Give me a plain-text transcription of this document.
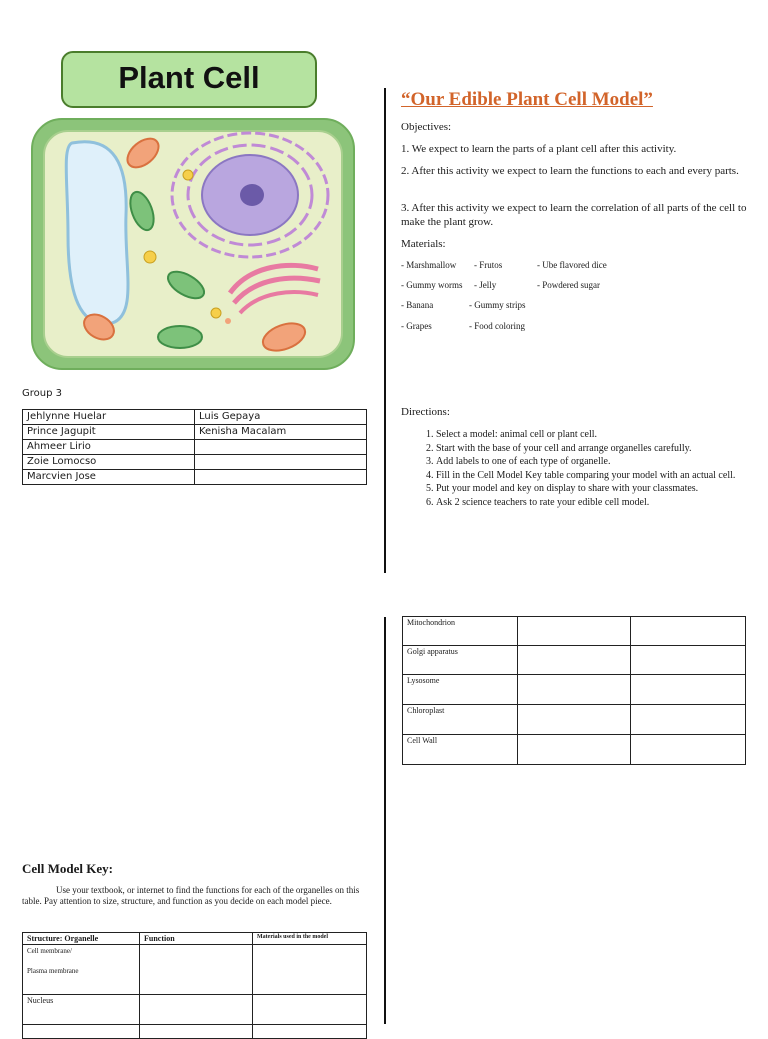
Plant Cell
Group 3
Jehlynne Huelar	Luis Gepaya
Prince Jagupit	Kenisha Macalam
Ahmeer Lirio	
Zoie Lomocso	
Marcvien Jose	
“Our Edible Plant Cell Model”
Objectives:
1. We expect to learn the parts of a plant cell after this activity.
2. After this activity we expect to learn the functions to each and every parts.
3. After this activity we expect to learn the correlation of all parts of the cell to make the plant grow.
Materials:
- Marshmallow - Frutos	- Ube flavored dice
- Gummy worms - Jelly	- Powdered sugar
- Banana	- Gummy strips
- Grapes	- Food coloring
Directions:
1. Select a model: animal cell or plant cell.
2. Start with the base of your cell and arrange organelles carefully.
3. Add labels to one of each type of organelle.
4. Fill in the Cell Model Key table comparing your model with an actual cell.
5. Put your model and key on display to share with your classmates.
6. Ask 2 science teachers to rate your edible cell model.
Mitochondrion		
Golgi apparatus		
Lysosome		
Chloroplast		
Cell Wall		
Cell Model Key:
Use your textbook, or internet to find the functions for each of the organelles on this table. Pay attention to size, structure, and function as you decide on each model piece.
Structure: Organelle	Function	Materials used in the model

Cell membrane/
Plasma membrane		

Nucleus		
